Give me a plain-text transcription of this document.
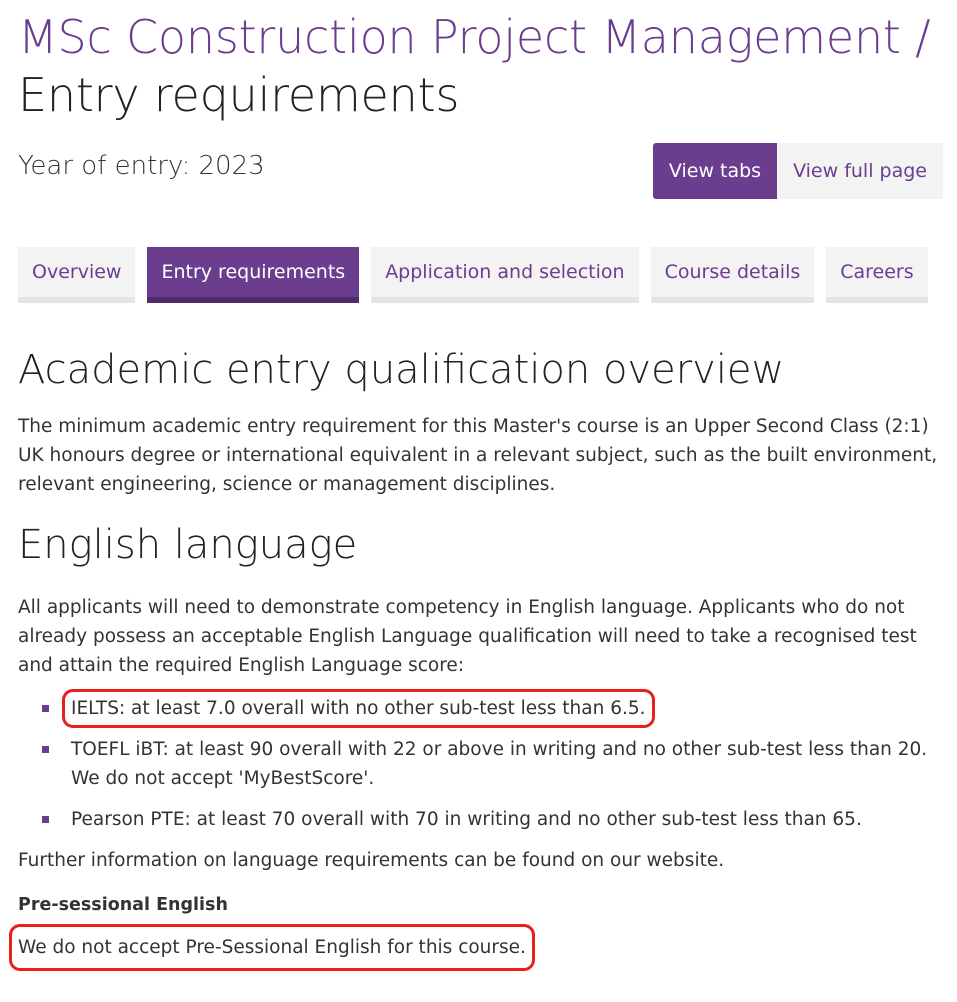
MSc Construction Project Management /
Entry requirements
Year of entry: 2023	View tabs	View full page
Overview	Entry requirements	Application and selection	Course details	Careers
Academic entry qualification overview

The minimum academic entry requirement for this Master's course is an Upper Second Class (2:1) UK honours degree or international equivalent in a relevant subject, such as the built environment, relevant engineering, science or management disciplines.

English language

All applicants will need to demonstrate competency in English language. Applicants who do not already possess an acceptable English Language qualification will need to take a recognised test and attain the required English Language score:

IELTS: at least 7.0 overall with no other sub-test less than 6.5.
TOEFL iBT: at least 90 overall with 22 or above in writing and no other sub-test less than 20. We do not accept 'MyBestScore'.
Pearson PTE: at least 70 overall with 70 in writing and no other sub-test less than 65.

Further information on language requirements can be found on our website.

Pre-sessional English

We do not accept Pre-Sessional English for this course.
